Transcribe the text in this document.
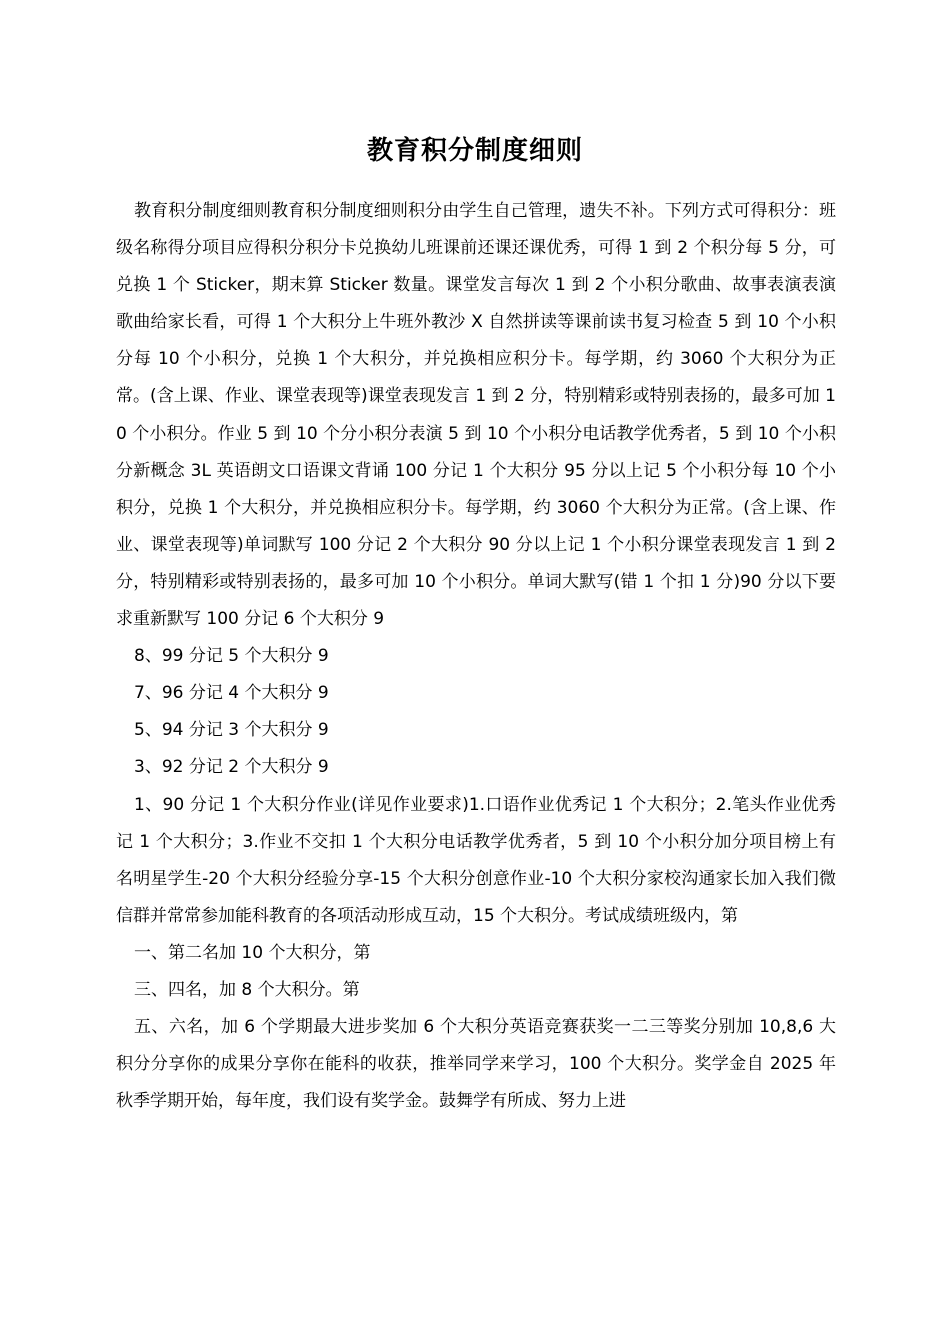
教育积分制度细则

教育积分制度细则教育积分制度细则积分由学生自己管理，遗失不补。下列方式可得积分：班级名称得分项目应得积分积分卡兑换幼儿班课前还课还课优秀，可得 1 到 2 个积分每 5 分，可兑换 1 个 Sticker，期末算 Sticker 数量。课堂发言每次 1 到 2 个小积分歌曲、故事表演表演歌曲给家长看，可得 1 个大积分上牛班外教沙 X 自然拼读等课前读书复习检查 5 到 10 个小积分每 10 个小积分，兑换 1 个大积分，并兑换相应积分卡。每学期，约 3060 个大积分为正常。(含上课、作业、课堂表现等)课堂表现发言 1 到 2 分，特别精彩或特别表扬的，最多可加 10 个小积分。作业 5 到 10 个分小积分表演 5 到 10 个小积分电话教学优秀者，5 到 10 个小积分新概念 3L 英语朗文口语课文背诵 100 分记 1 个大积分 95 分以上记 5 个小积分每 10 个小积分，兑换 1 个大积分，并兑换相应积分卡。每学期，约 3060 个大积分为正常。(含上课、作业、课堂表现等)单词默写 100 分记 2 个大积分 90 分以上记 1 个小积分课堂表现发言 1 到 2 分，特别精彩或特别表扬的，最多可加 10 个小积分。单词大默写(错 1 个扣 1 分)90 分以下要求重新默写 100 分记 6 个大积分 9

8、99 分记 5 个大积分 9

7、96 分记 4 个大积分 9

5、94 分记 3 个大积分 9

3、92 分记 2 个大积分 9

1、90 分记 1 个大积分作业(详见作业要求)1.口语作业优秀记 1 个大积分；2.笔头作业优秀记 1 个大积分；3.作业不交扣 1 个大积分电话教学优秀者，5 到 10 个小积分加分项目榜上有名明星学生-20 个大积分经验分享-15 个大积分创意作业-10 个大积分家校沟通家长加入我们微信群并常常参加能科教育的各项活动形成互动，15 个大积分。考试成绩班级内，第

一、第二名加 10 个大积分，第

三、四名，加 8 个大积分。第

五、六名，加 6 个学期最大进步奖加 6 个大积分英语竞赛获奖一二三等奖分别加 10,8,6 大积分分享你的成果分享你在能科的收获，推举同学来学习，100 个大积分。奖学金自 2025 年秋季学期开始，每年度，我们设有奖学金。鼓舞学有所成、努力上进
